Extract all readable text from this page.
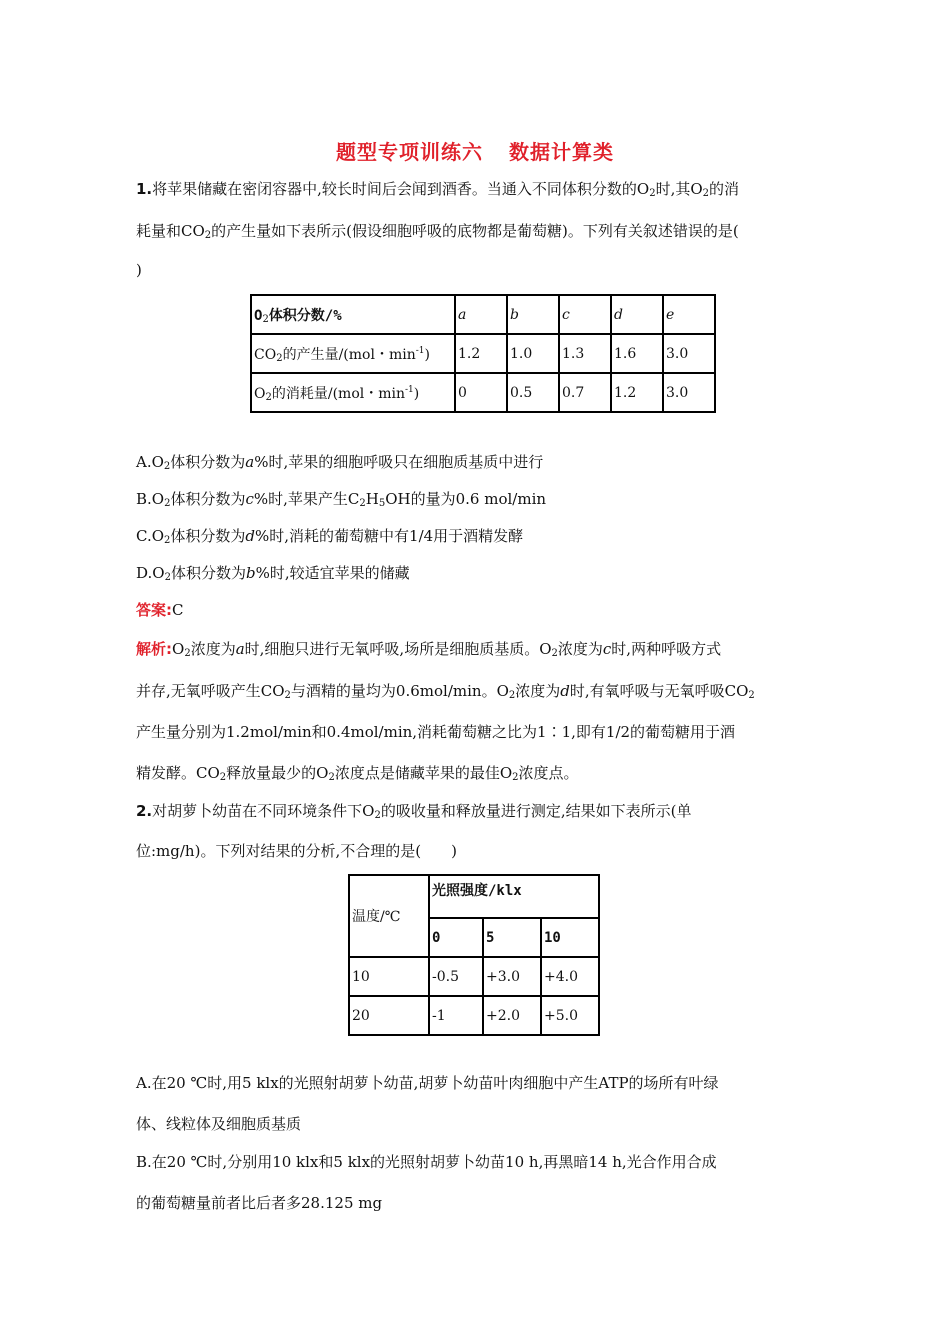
题型专项训练六 数据计算类
1.将苹果储藏在密闭容器中,较长时间后会闻到酒香。当通入不同体积分数的$O_2$时,其$O_2$的消
耗量和$CO_2$的产生量如下表所示(假设细胞呼吸的底物都是葡萄糖)。下列有关叙述错误的是(
)
$O_2$体积分数/%	a	b	c	d	e
$CO_2$的产生量/(mol・$\min^{-1}$)	1.2	1.0	1.3	1.6	3.0
$O_2$的消耗量/(mol・$\min^{-1}$)	0	0.5	0.7	1.2	3.0
$A.O_2$体积分数为a%时,苹果的细胞呼吸只在细胞质基质中进行
$B.O_2$体积分数为c%时,苹果产生$C_2H_5OH$的量为0.6 mol/min
$C.O_2$体积分数为d%时,消耗的葡萄糖中有1/4用于酒精发酵
$D.O_2$体积分数为b%时,较适宜苹果的储藏
答案:C
解析$:O_2$浓度为a时,细胞只进行无氧呼吸,场所是细胞质基质。$O_2$浓度为c时,两种呼吸方式
并存,无氧呼吸产生$CO_2$与酒精的量均为0.6mol/min。$O_2$浓度为d时,有氧呼吸与无氧呼吸$CO_2$
产生量分别为1.2mol/min和0.4mol/min,消耗葡萄糖之比为1∶1,即有1/2的葡萄糖用于酒
精发酵。$CO_2$释放量最少的$O_2$浓度点是储藏苹果的最佳$O_2$浓度点。
2.对胡萝卜幼苗在不同环境条件下$O_2$的吸收量和释放量进行测定,结果如下表所示(单
位:mg/h)。下列对结果的分析,不合理的是(　　)
温度/℃	光照强度/klx		
	0	5	10
10	-0.5	+3.0	+4.0
20	-1	+2.0	+5.0
A.在20 ℃时,用5 klx的光照射胡萝卜幼苗,胡萝卜幼苗叶肉细胞中产生ATP的场所有叶绿
体、线粒体及细胞质基质
B.在20 ℃时,分别用10 klx和5 klx的光照射胡萝卜幼苗10 h,再黑暗14 h,光合作用合成
的葡萄糖量前者比后者多28.125 mg
